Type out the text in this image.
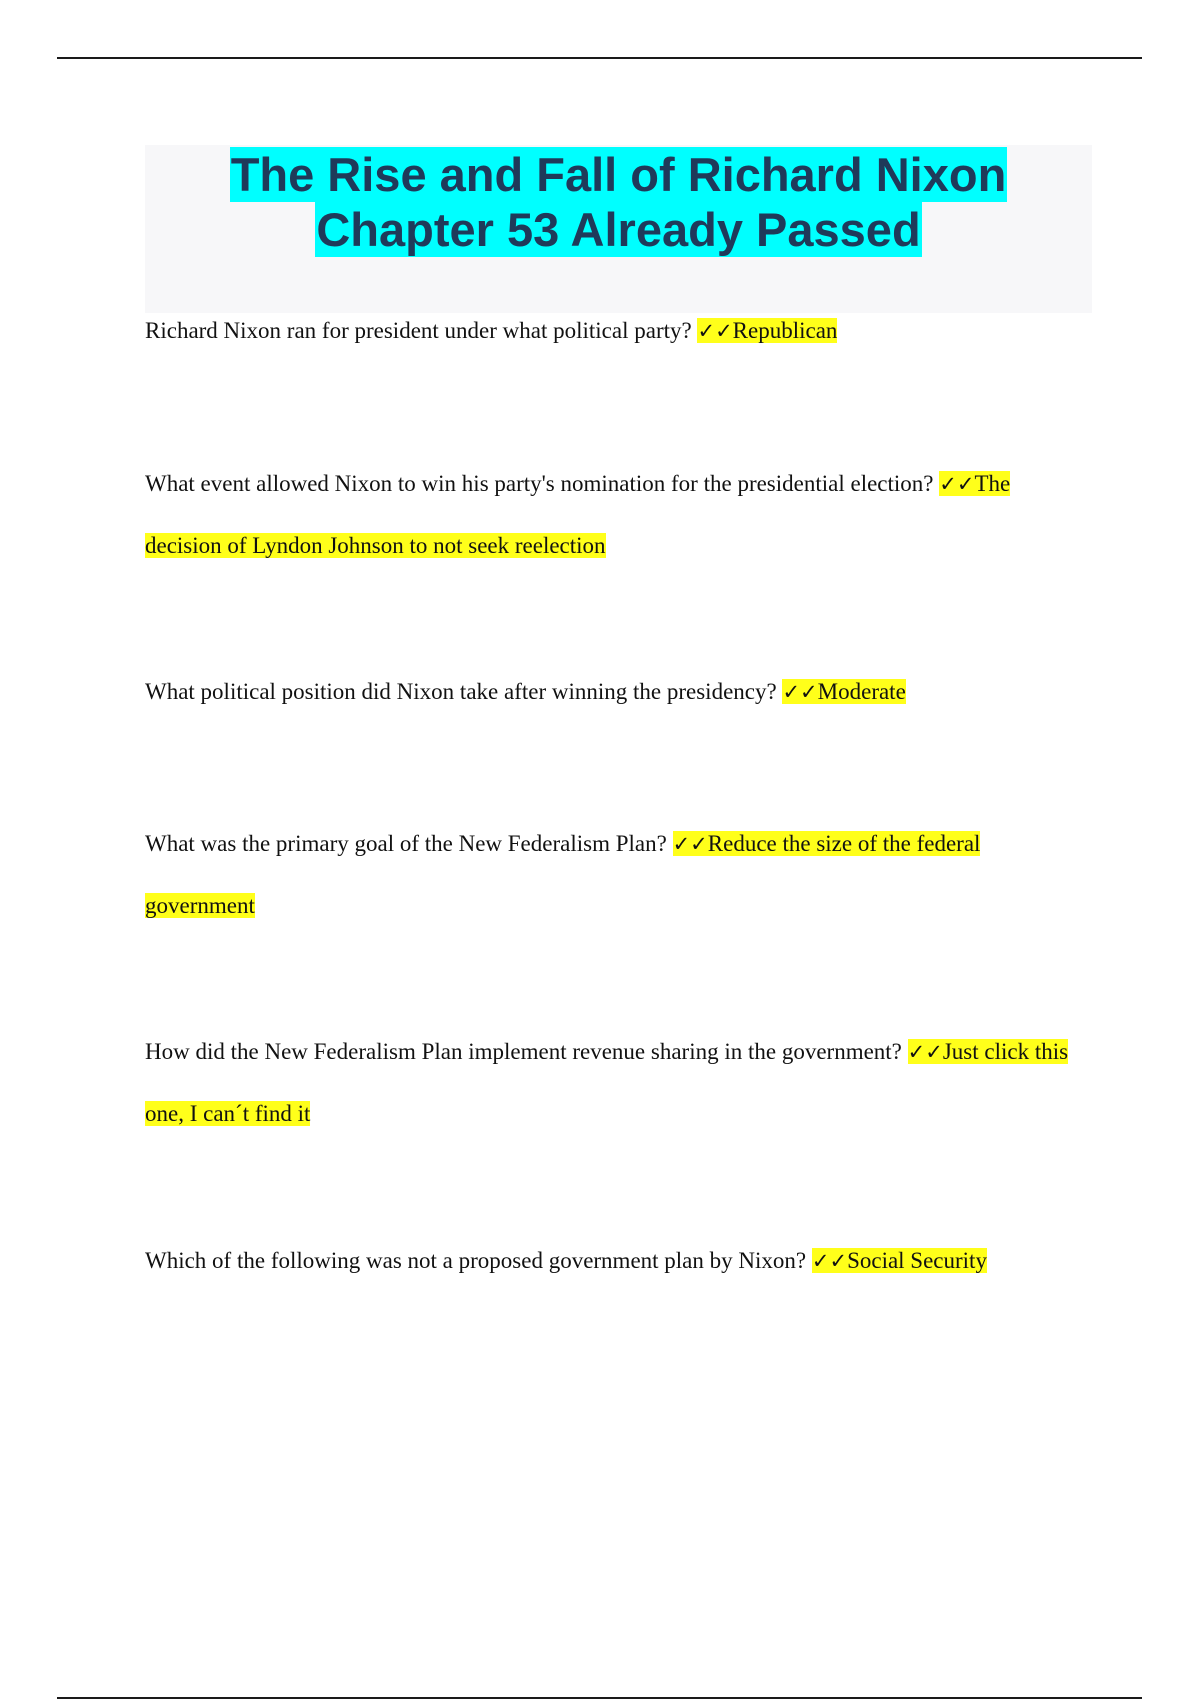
The Rise and Fall of Richard Nixon
Chapter 53 Already Passed
Richard Nixon ran for president under what political party? ✓✓Republican
What event allowed Nixon to win his party's nomination for the presidential election? ✓✓The decision of Lyndon Johnson to not seek reelection
What political position did Nixon take after winning the presidency? ✓✓Moderate
What was the primary goal of the New Federalism Plan? ✓✓Reduce the size of the federal government
How did the New Federalism Plan implement revenue sharing in the government? ✓✓Just click this one, I can´t find it
Which of the following was not a proposed government plan by Nixon? ✓✓Social Security
